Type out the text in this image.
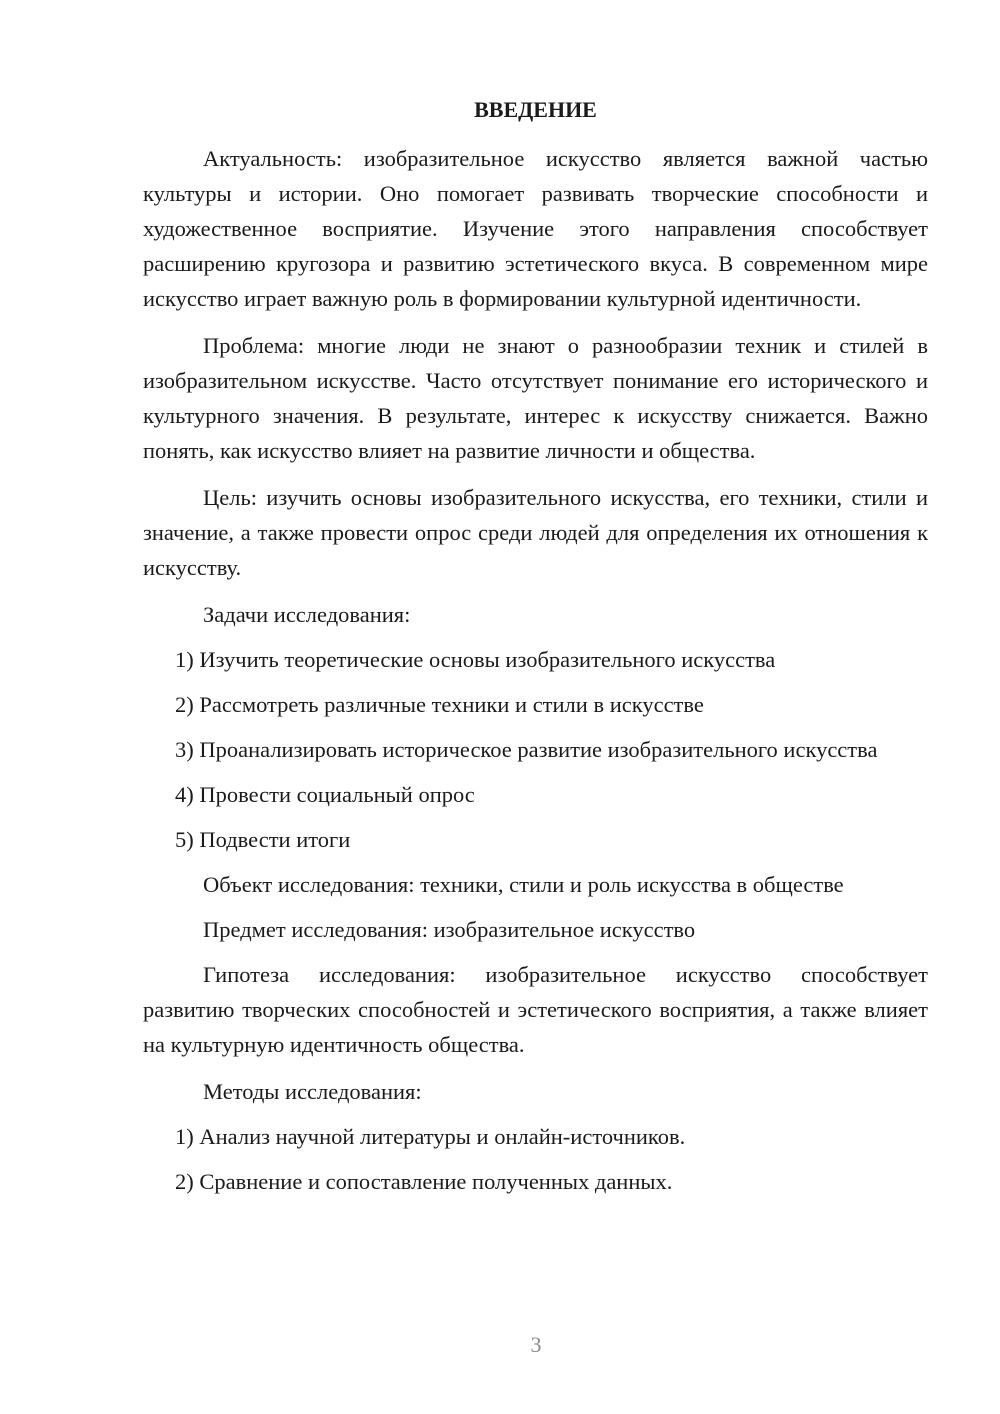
ВВЕДЕНИЕ

Актуальность: изобразительное искусство является важной частью культуры и истории. Оно помогает развивать творческие способности и художественное восприятие. Изучение этого направления способствует расширению кругозора и развитию эстетического вкуса. В современном мире искусство играет важную роль в формировании культурной идентичности.

Проблема: многие люди не знают о разнообразии техник и стилей в изобразительном искусстве. Часто отсутствует понимание его исторического и культурного значения. В результате, интерес к искусству снижается. Важно понять, как искусство влияет на развитие личности и общества.

Цель: изучить основы изобразительного искусства, его техники, стили и значение, а также провести опрос среди людей для определения их отношения к искусству.

Задачи исследования:

1) Изучить теоретические основы изобразительного искусства

2) Рассмотреть различные техники и стили в искусстве

3) Проанализировать историческое развитие изобразительного искусства

4) Провести социальный опрос

5) Подвести итоги

Объект исследования: техники, стили и роль искусства в обществе

Предмет исследования: изобразительное искусство

Гипотеза исследования: изобразительное искусство способствует развитию творческих способностей и эстетического восприятия, а также влияет на культурную идентичность общества.

Методы исследования:

1) Анализ научной литературы и онлайн-источников.

2) Сравнение и сопоставление полученных данных.

3
